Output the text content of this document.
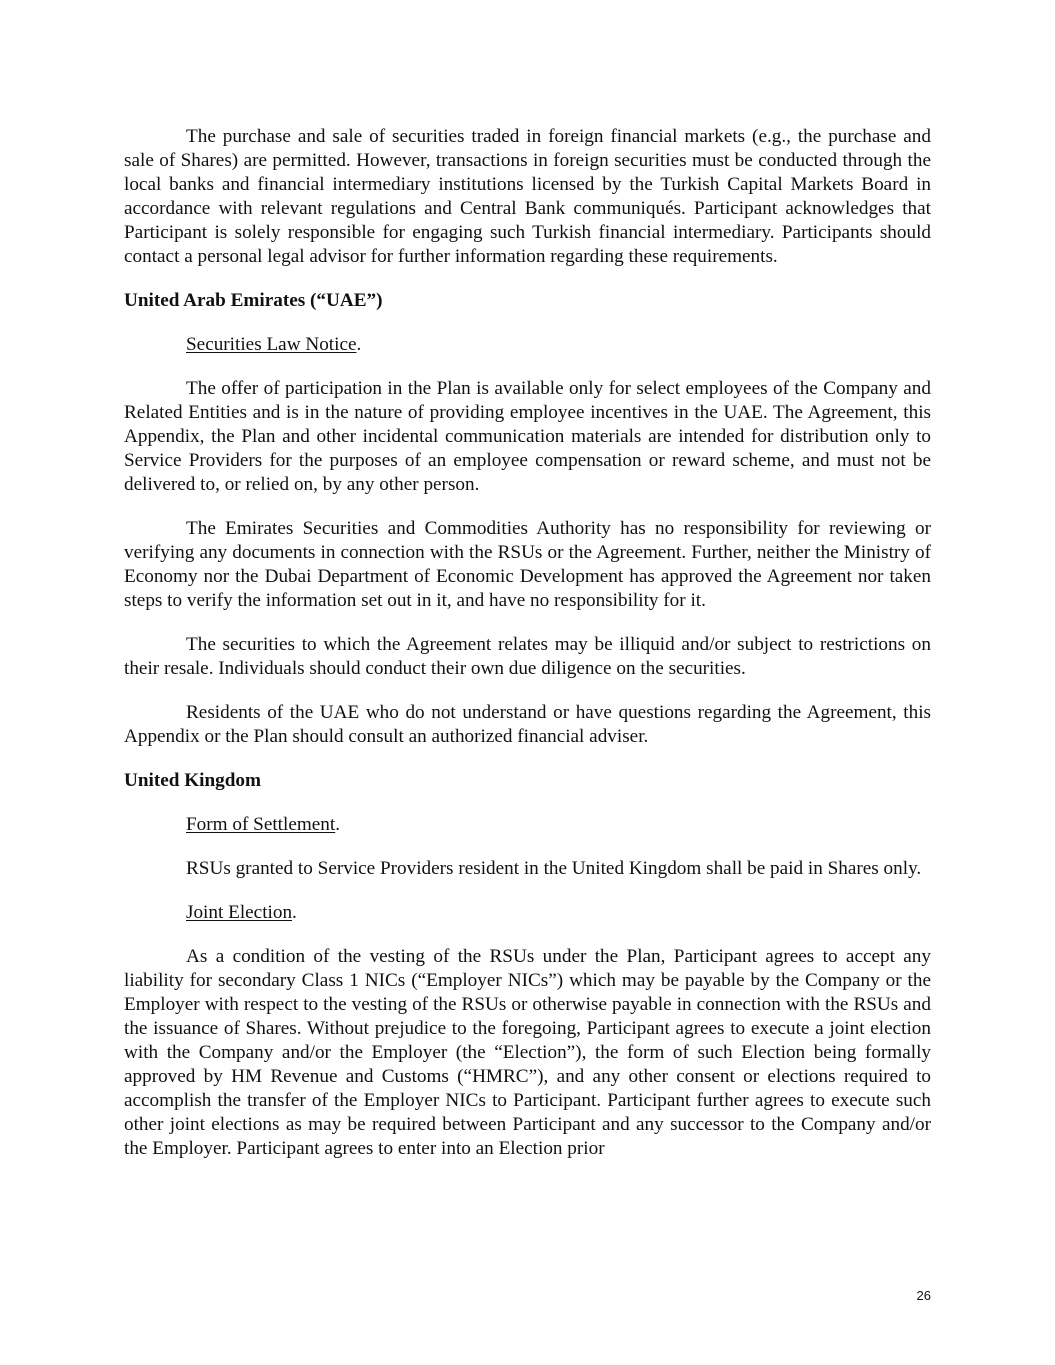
The purchase and sale of securities traded in foreign financial markets (e.g., the purchase and sale of Shares) are permitted. However, transactions in foreign securities must be conducted through the local banks and financial intermediary institutions licensed by the Turkish Capital Markets Board in accordance with relevant regulations and Central Bank communiqués. Participant acknowledges that Participant is solely responsible for engaging such Turkish financial intermediary. Participants should contact a personal legal advisor for further information regarding these requirements.

United Arab Emirates (“UAE”)

Securities Law Notice.

The offer of participation in the Plan is available only for select employees of the Company and Related Entities and is in the nature of providing employee incentives in the UAE. The Agreement, this Appendix, the Plan and other incidental communication materials are intended for distribution only to Service Providers for the purposes of an employee compensation or reward scheme, and must not be delivered to, or relied on, by any other person.

The Emirates Securities and Commodities Authority has no responsibility for reviewing or verifying any documents in connection with the RSUs or the Agreement. Further, neither the Ministry of Economy nor the Dubai Department of Economic Development has approved the Agreement nor taken steps to verify the information set out in it, and have no responsibility for it.

The securities to which the Agreement relates may be illiquid and/or subject to restrictions on their resale. Individuals should conduct their own due diligence on the securities.

Residents of the UAE who do not understand or have questions regarding the Agreement, this Appendix or the Plan should consult an authorized financial adviser.

United Kingdom

Form of Settlement.

RSUs granted to Service Providers resident in the United Kingdom shall be paid in Shares only.

Joint Election.

As a condition of the vesting of the RSUs under the Plan, Participant agrees to accept any liability for secondary Class 1 NICs (“Employer NICs”) which may be payable by the Company or the Employer with respect to the vesting of the RSUs or otherwise payable in connection with the RSUs and the issuance of Shares. Without prejudice to the foregoing, Participant agrees to execute a joint election with the Company and/or the Employer (the “Election”), the form of such Election being formally approved by HM Revenue and Customs (“HMRC”), and any other consent or elections required to accomplish the transfer of the Employer NICs to Participant. Participant further agrees to execute such other joint elections as may be required between Participant and any successor to the Company and/or the Employer. Participant agrees to enter into an Election prior

26
